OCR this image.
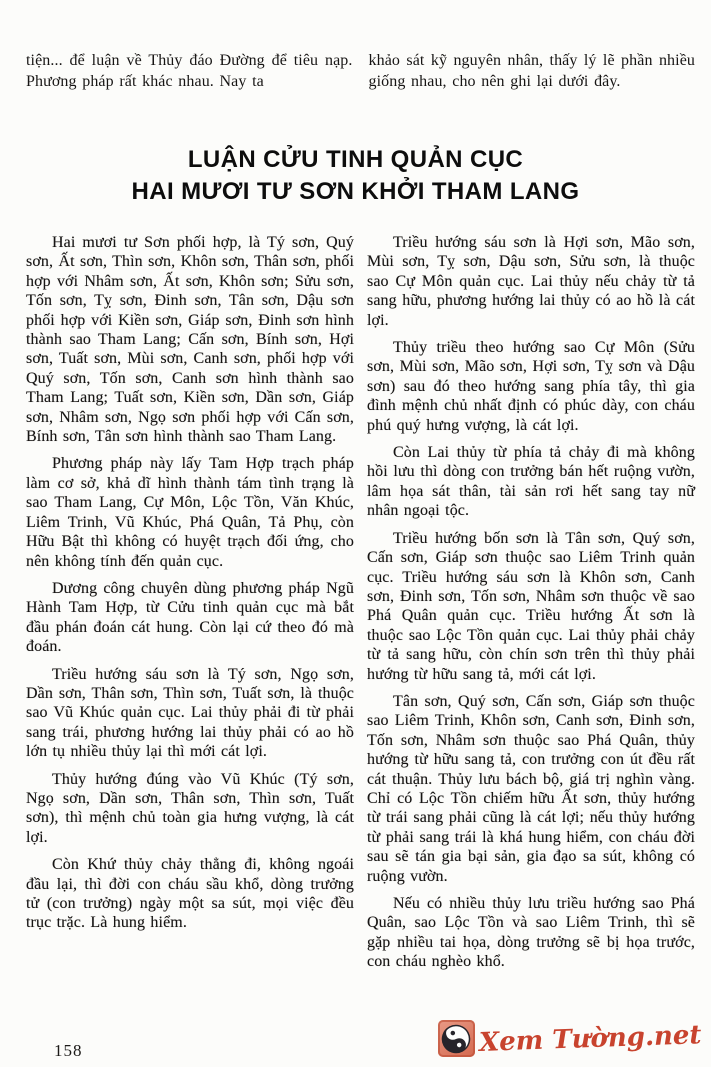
tiện... để luận về Thủy đáo Đường để tiêu nạp. Phương pháp rất khác nhau. Nay ta

khảo sát kỹ nguyên nhân, thấy lý lẽ phần nhiều giống nhau, cho nên ghi lại dưới đây.

LUẬN CỬU TINH QUẢN CỤC
HAI MƯƠI TƯ SƠN KHỞI THAM LANG

Hai mươi tư Sơn phối hợp, là Tý sơn, Quý sơn, Ất sơn, Thìn sơn, Khôn sơn, Thân sơn, phối hợp với Nhâm sơn, Ất sơn, Khôn sơn; Sửu sơn, Tốn sơn, Tỵ sơn, Đinh sơn, Tân sơn, Dậu sơn phối hợp với Kiền sơn, Giáp sơn, Đinh sơn hình thành sao Tham Lang; Cấn sơn, Bính sơn, Hợi sơn, Tuất sơn, Mùi sơn, Canh sơn, phối hợp với Quý sơn, Tốn sơn, Canh sơn hình thành sao Tham Lang; Tuất sơn, Kiền sơn, Dần sơn, Giáp sơn, Nhâm sơn, Ngọ sơn phối hợp với Cấn sơn, Bính sơn, Tân sơn hình thành sao Tham Lang.

Phương pháp này lấy Tam Hợp trạch pháp làm cơ sở, khả dĩ hình thành tám tình trạng là sao Tham Lang, Cự Môn, Lộc Tồn, Văn Khúc, Liêm Trinh, Vũ Khúc, Phá Quân, Tả Phụ, còn Hữu Bật thì không có huyệt trạch đối ứng, cho nên không tính đến quản cục.

Dương công chuyên dùng phương pháp Ngũ Hành Tam Hợp, từ Cửu tinh quản cục mà bắt đầu phán đoán cát hung. Còn lại cứ theo đó mà đoán.

Triều hướng sáu sơn là Tý sơn, Ngọ sơn, Dần sơn, Thân sơn, Thìn sơn, Tuất sơn, là thuộc sao Vũ Khúc quản cục. Lai thủy phải đi từ phải sang trái, phương hướng lai thủy phải có ao hồ lớn tụ nhiều thủy lại thì mới cát lợi.

Thủy hướng đúng vào Vũ Khúc (Tý sơn, Ngọ sơn, Dần sơn, Thân sơn, Thìn sơn, Tuất sơn), thì mệnh chủ toàn gia hưng vượng, là cát lợi.

Còn Khứ thủy chảy thẳng đi, không ngoái đầu lại, thì đời con cháu sầu khổ, dòng trưởng tử (con trưởng) ngày một sa sút, mọi việc đều trục trặc. Là hung hiểm.

Triều hướng sáu sơn là Hợi sơn, Mão sơn, Mùi sơn, Tỵ sơn, Dậu sơn, Sửu sơn, là thuộc sao Cự Môn quản cục. Lai thủy nếu chảy từ tả sang hữu, phương hướng lai thủy có ao hồ là cát lợi.

Thủy triều theo hướng sao Cự Môn (Sửu sơn, Mùi sơn, Mão sơn, Hợi sơn, Tỵ sơn và Dậu sơn) sau đó theo hướng sang phía tây, thì gia đình mệnh chủ nhất định có phúc dày, con cháu phú quý hưng vượng, là cát lợi.

Còn Lai thủy từ phía tả chảy đi mà không hồi lưu thì dòng con trưởng bán hết ruộng vườn, lâm họa sát thân, tài sản rơi hết sang tay nữ nhân ngoại tộc.

Triều hướng bốn sơn là Tân sơn, Quý sơn, Cấn sơn, Giáp sơn thuộc sao Liêm Trinh quản cục. Triều hướng sáu sơn là Khôn sơn, Canh sơn, Đinh sơn, Tốn sơn, Nhâm sơn thuộc về sao Phá Quân quản cục. Triều hướng Ất sơn là thuộc sao Lộc Tồn quản cục. Lai thủy phải chảy từ tả sang hữu, còn chín sơn trên thì thủy phải hướng từ hữu sang tả, mới cát lợi.

Tân sơn, Quý sơn, Cấn sơn, Giáp sơn thuộc sao Liêm Trinh, Khôn sơn, Canh sơn, Đinh sơn, Tốn sơn, Nhâm sơn thuộc sao Phá Quân, thủy hướng từ hữu sang tả, con trưởng con út đều rất cát thuận. Thủy lưu bách bộ, giá trị nghìn vàng. Chỉ có Lộc Tồn chiếm hữu Ất sơn, thủy hướng từ trái sang phải cũng là cát lợi; nếu thủy hướng từ phải sang trái là khá hung hiểm, con cháu đời sau sẽ tán gia bại sản, gia đạo sa sút, không có ruộng vườn.

Nếu có nhiều thủy lưu triều hướng sao Phá Quân, sao Lộc Tồn và sao Liêm Trinh, thì sẽ gặp nhiều tai họa, dòng trưởng sẽ bị họa trước, con cháu nghèo khổ.

158	Xem Tường.net
